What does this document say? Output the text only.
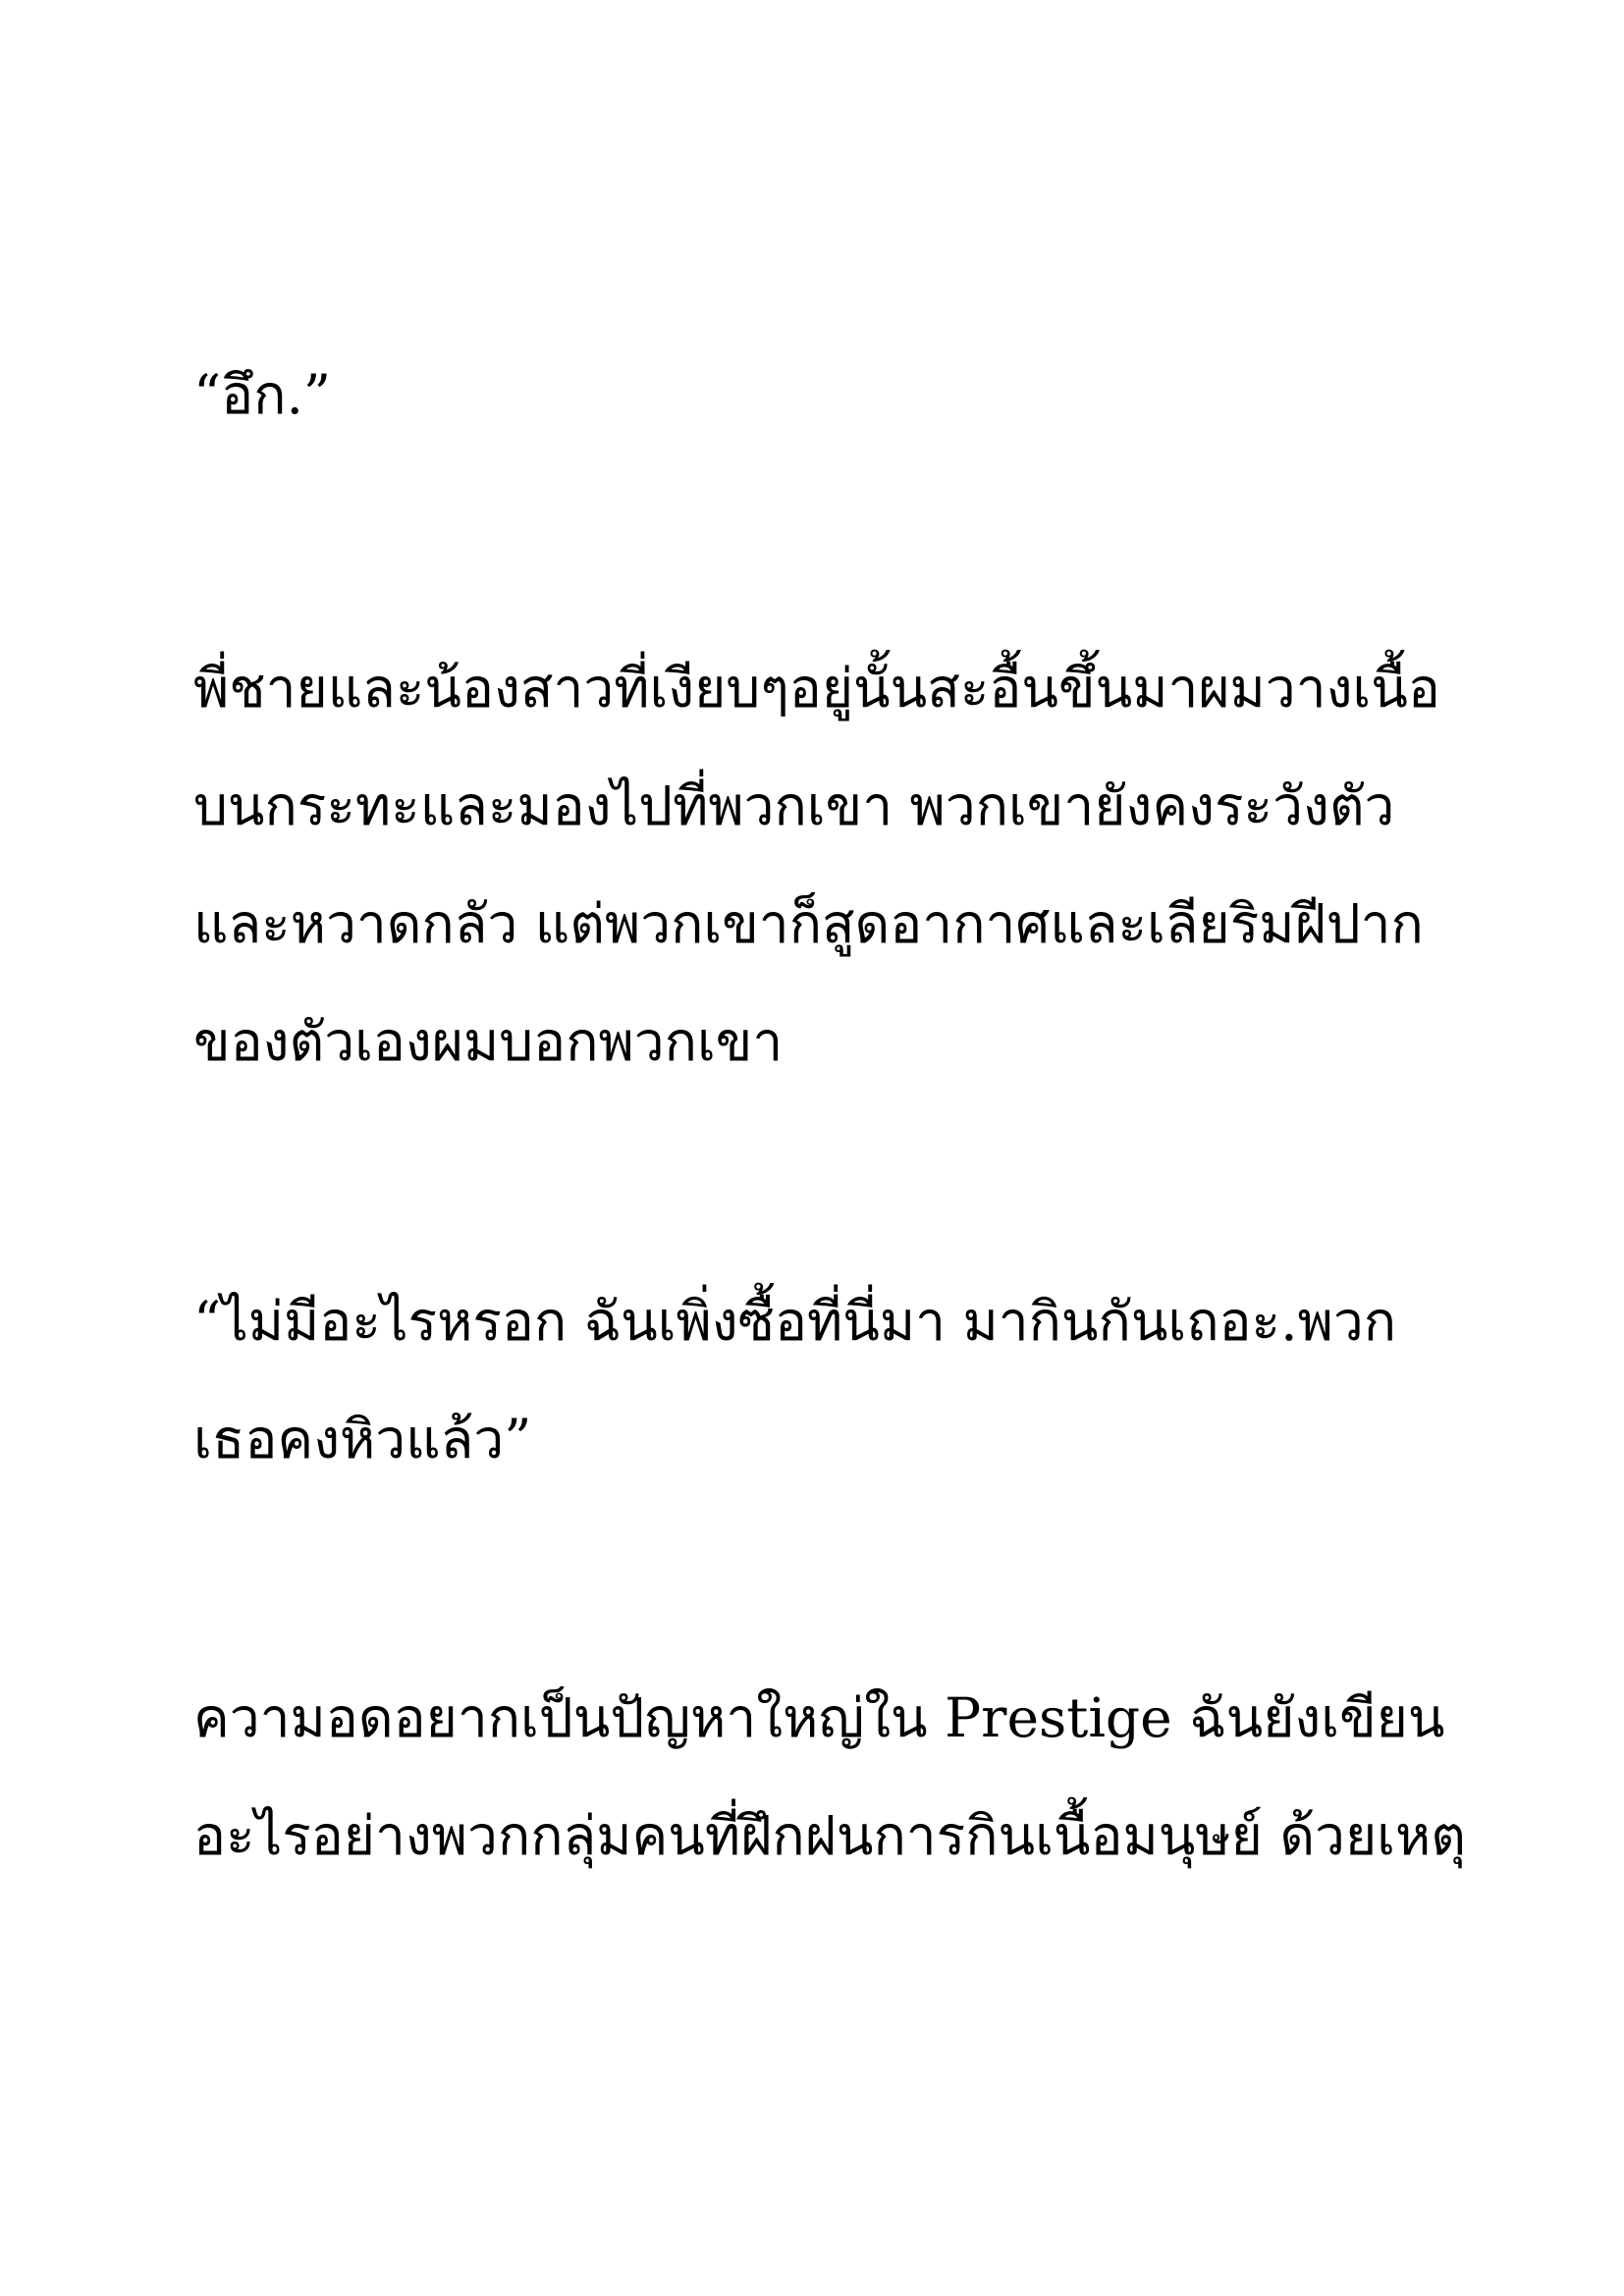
“อึก.”

พี่ชายและน้องสาวที่เงียบๆอยู่นั้นสะอื้นขึ้นมาผมวางเนื้อ

บนกระทะและมองไปที่พวกเขา พวกเขายังคงระวังตัว

และหวาดกลัว แต่พวกเขาก็สูดอากาศและเลียริมฝีปาก

ของตัวเองผมบอกพวกเขา

“ไม่มีอะไรหรอก ฉันเพิ่งซื้อที่นี่มา มากินกันเถอะ.พวก

เธอคงหิวแล้ว”

ความอดอยากเป็นปัญหาใหญ่ใน Prestige ฉันยังเขียน

อะไรอย่างพวกกลุ่มคนที่ฝึกฝนการกินเนื้อมนุษย์ ด้วยเหตุ
